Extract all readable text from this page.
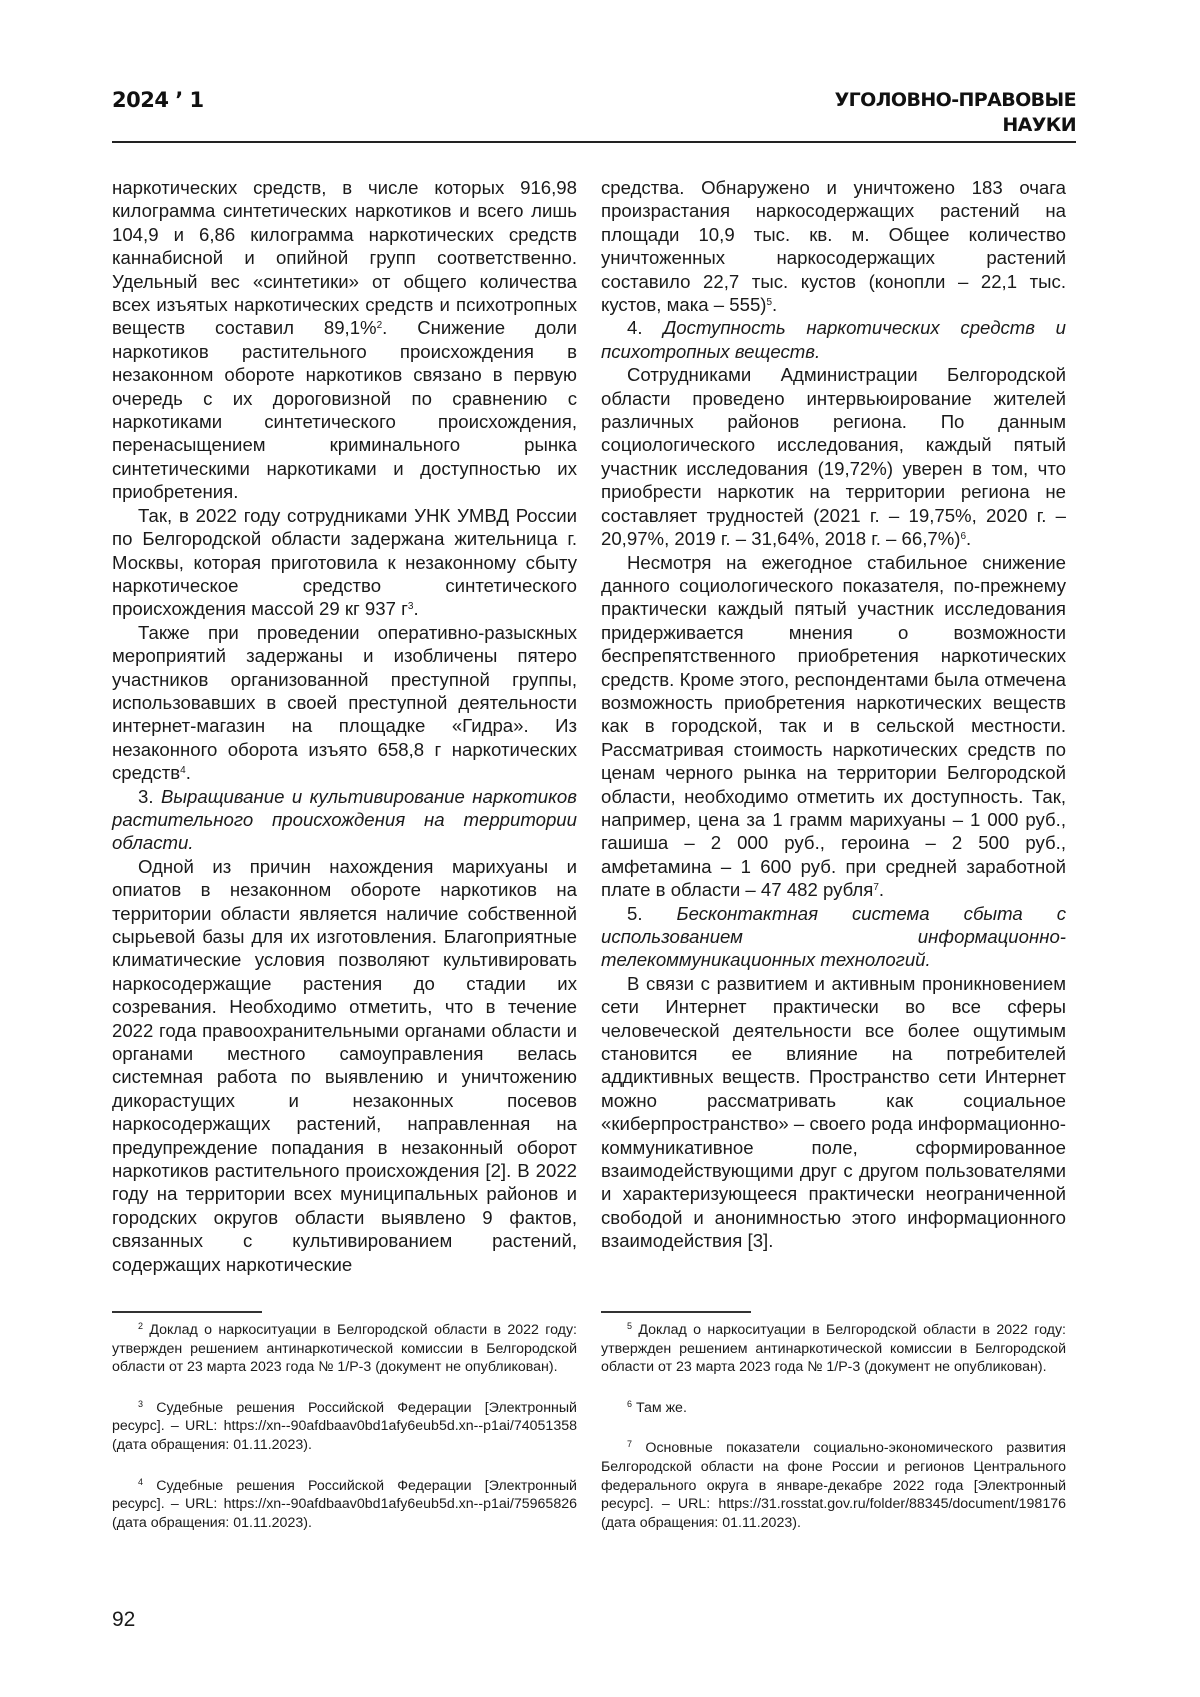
2024 ’ 1	УГОЛОВНО-ПРАВОВЫЕ
НАУКИ

наркотических средств, в числе которых 916,98 килограмма синтетических наркотиков и всего лишь 104,9 и 6,86 килограмма наркотических средств каннабисной и опийной групп соответственно. Удельный вес «синтетики» от общего количества всех изъятых наркотических средств и психотропных веществ составил 89,1%$^2$. Снижение доли наркотиков растительного происхождения в незаконном обороте наркотиков связано в первую очередь с их дороговизной по сравнению с наркотиками синтетического происхождения, перенасыщением криминального рынка синтетическими наркотиками и доступностью их приобретения.

Так, в 2022 году сотрудниками УНК УМВД России по Белгородской области задержана жительница г. Москвы, которая приготовила к незаконному сбыту наркотическое средство синтетического происхождения массой 29 кг 937 $г^3$.

Также при проведении оперативно-разыскных мероприятий задержаны и изобличены пятеро участников организованной преступной группы, использовавших в своей преступной деятельности интернет-магазин на площадке «Гидра». Из незаконного оборота изъято 658,8 г наркотических средств$^4$.

3. Выращивание и культивирование наркотиков растительного происхождения на территории области.

Одной из причин нахождения марихуаны и опиатов в незаконном обороте наркотиков на территории области является наличие собственной сырьевой базы для их изготовления. Благоприятные климатические условия позволяют культивировать наркосодержащие растения до стадии их созревания. Необходимо отметить, что в течение 2022 года правоохранительными органами области и органами местного самоуправления велась системная работа по выявлению и уничтожению дикорастущих и незаконных посевов наркосодержащих растений, направленная на предупреждение попадания в незаконный оборот наркотиков растительного происхождения [2]. В 2022 году на территории всех муниципальных районов и городских округов области выявлено 9 фактов, связанных с культивированием растений, содержащих наркотические

средства. Обнаружено и уничтожено 183 очага произрастания наркосодержащих растений на площади 10,9 тыс. кв. м. Общее количество уничтоженных наркосодержащих растений составило 22,7 тыс. кустов (конопли – 22,1 тыс. кустов, мака – 555)$^5$.

4. Доступность наркотических средств и психотропных веществ.

Сотрудниками Администрации Белгородской области проведено интервьюирование жителей различных районов региона. По данным социологического исследования, каждый пятый участник исследования (19,72%) уверен в том, что приобрести наркотик на территории региона не составляет трудностей (2021 г. – 19,75%, 2020 г. – 20,97%, 2019 г. – 31,64%, 2018 г. – 66,7%)$^6$.

Несмотря на ежегодное стабильное снижение данного социологического показателя, по-прежнему практически каждый пятый участник исследования придерживается мнения о возможности беспрепятственного приобретения наркотических средств. Кроме этого, респондентами была отмечена возможность приобретения наркотических веществ как в городской, так и в сельской местности. Рассматривая стоимость наркотических средств по ценам черного рынка на территории Белгородской области, необходимо отметить их доступность. Так, например, цена за 1 грамм марихуаны – 1 000 руб., гашиша – 2 000 руб., героина – 2 500 руб., амфетамина – 1 600 руб. при средней заработной плате в области – 47 482 рубля$^7$.

5. Бесконтактная система сбыта с использованием информационно-телекоммуникационных технологий.

В связи с развитием и активным проникновением сети Интернет практически во все сферы человеческой деятельности все более ощутимым становится ее влияние на потребителей аддиктивных веществ. Пространство сети Интернет можно рассматривать как социальное «киберпространство» – своего рода информационно-коммуникативное поле, сформированное взаимодействующими друг с другом пользователями и характеризующееся практически неограниченной свободой и анонимностью этого информационного взаимодействия [3].

$^2$ Доклад о наркоситуации в Белгородской области в 2022 году: утвержден решением антинаркотической комиссии в Белгородской области от 23 марта 2023 года № 1/Р-3 (документ не опубликован).

$^3$ Судебные решения Российской Федерации [Электронный ресурс]. – URL: https://xn--90afdbaav0bd1afy6eub5d.xn--p1ai/74051358 (дата обращения: 01.11.2023).

$^4$ Судебные решения Российской Федерации [Электронный ресурс]. – URL: https://xn--90afdbaav0bd1afy6eub5d.xn--p1ai/75965826 (дата обращения: 01.11.2023).

$^5$ Доклад о наркоситуации в Белгородской области в 2022 году: утвержден решением антинаркотической комиссии в Белгородской области от 23 марта 2023 года № 1/Р-3 (документ не опубликован).

$^6$ Там же.

$^7$ Основные показатели социально-экономического развития Белгородской области на фоне России и регионов Центрального федерального округа в январе-декабре 2022 года [Электронный ресурс]. – URL: https://31.rosstat.gov.ru/folder/88345/document/198176 (дата обращения: 01.11.2023).

92
